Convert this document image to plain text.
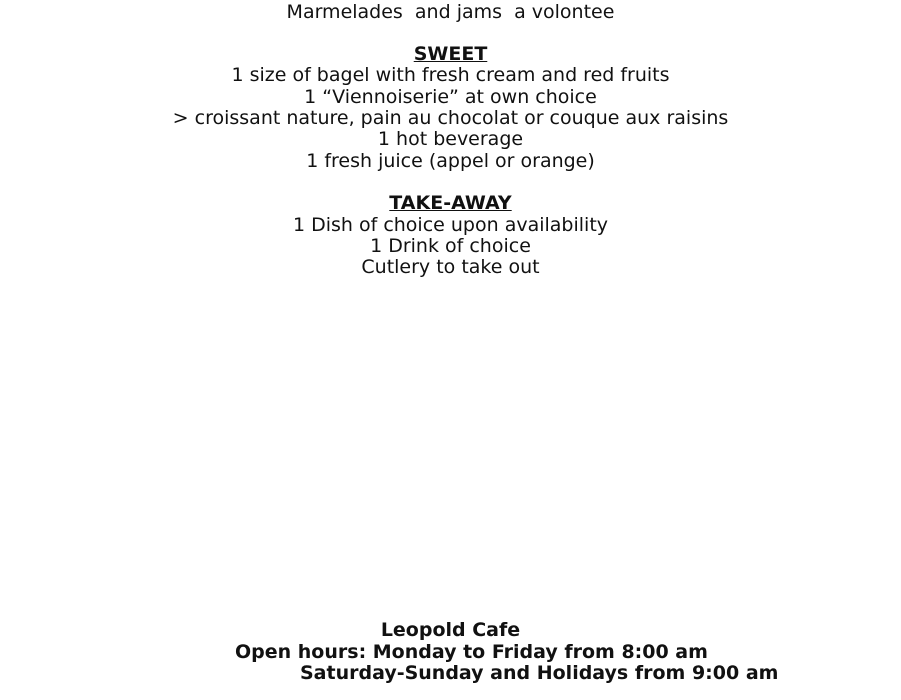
Marmelades  and jams  a volontee
SWEET
1 size of bagel with fresh cream and red fruits
1 “Viennoiserie” at own choice
> croissant nature, pain au chocolat or couque aux raisins
1 hot beverage
1 fresh juice (appel or orange)
TAKE-AWAY
1 Dish of choice upon availability
1 Drink of choice
Cutlery to take out
Leopold Cafe
Open hours: Monday to Friday from 8:00 am
Saturday-Sunday and Holidays from 9:00 am
